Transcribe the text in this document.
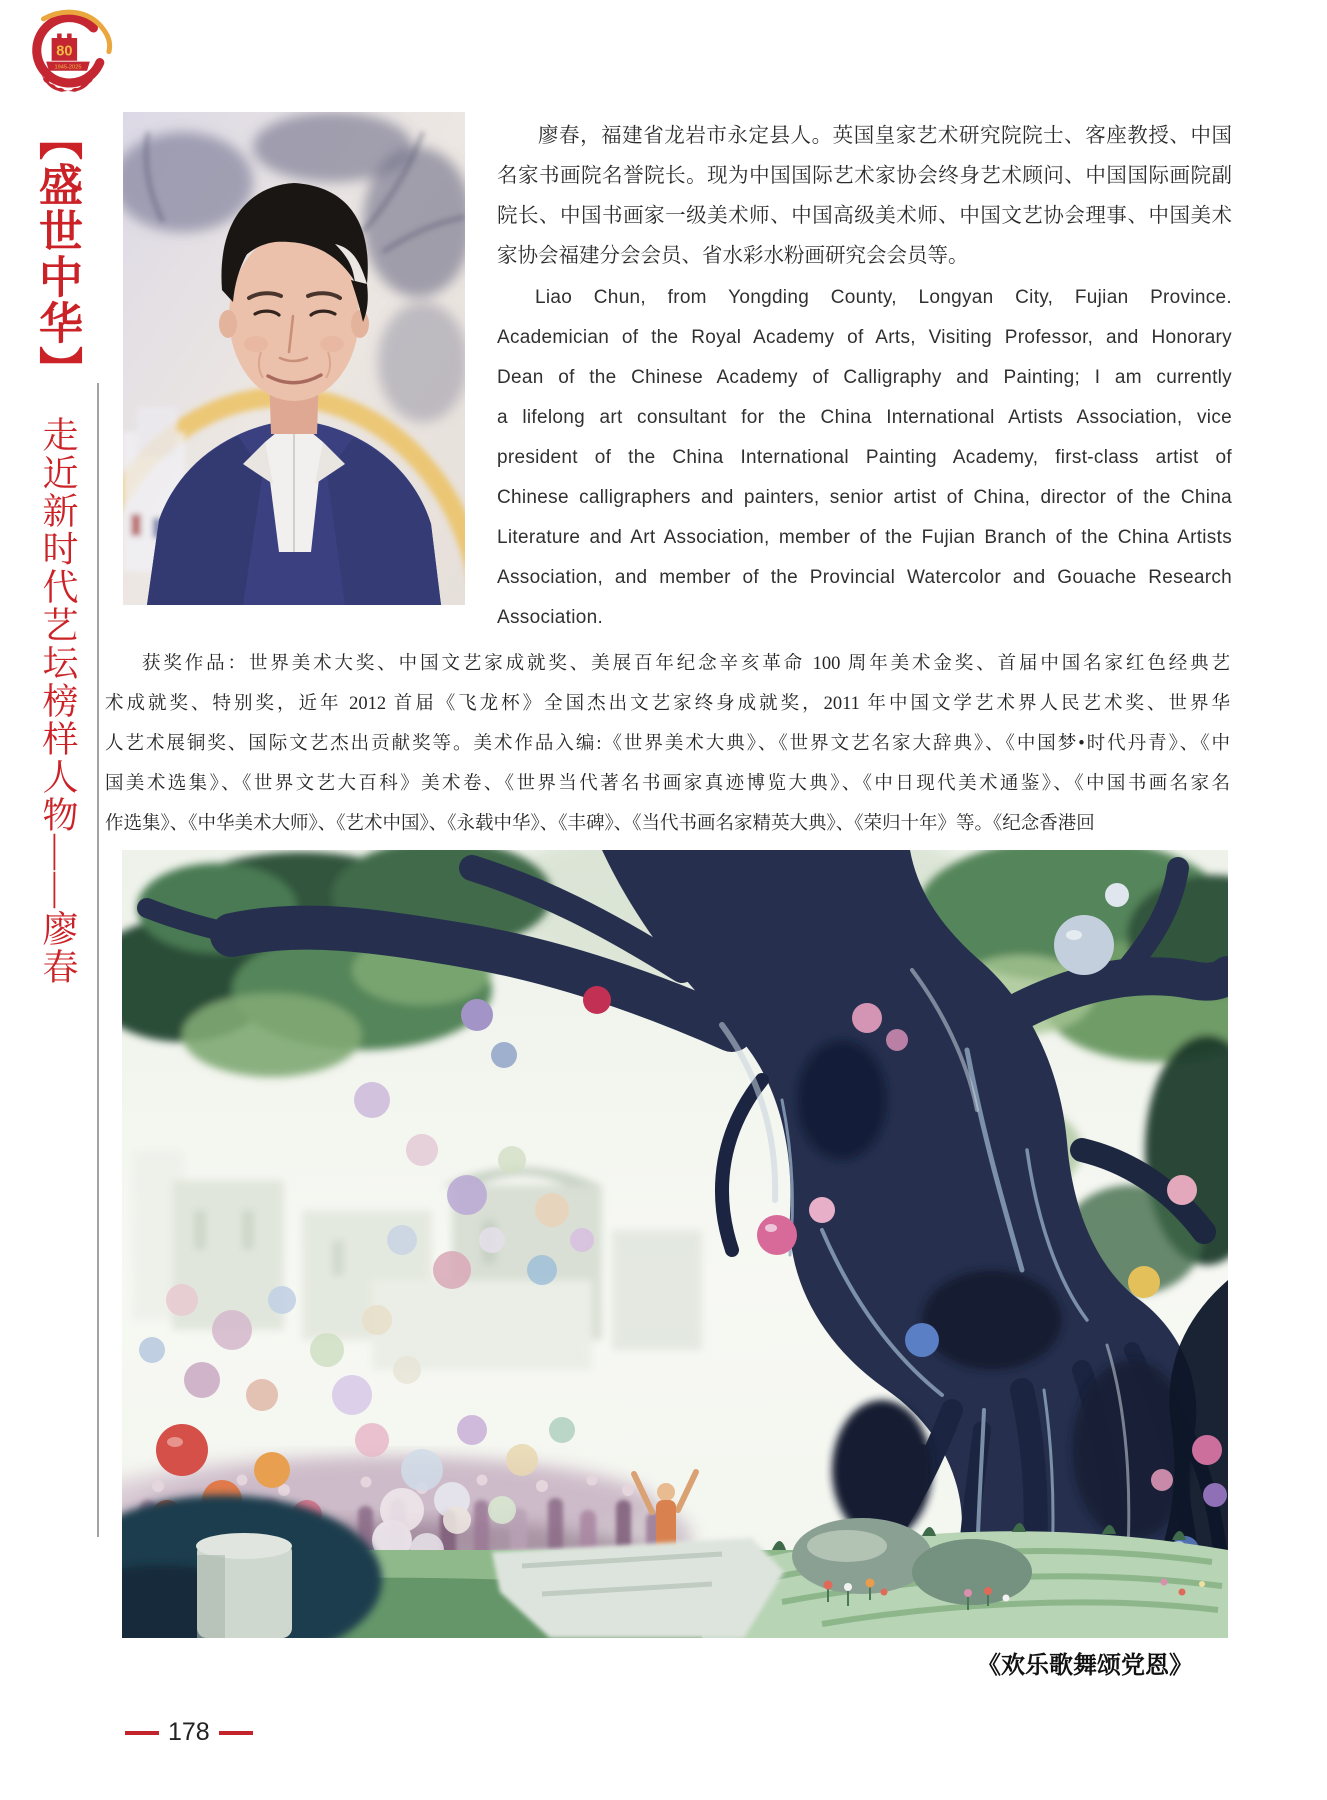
80
1945-2025
【盛世中华】
走近新时代艺坛榜样人物——廖春
廖春，福建省龙岩市永定县人。英国皇家艺术研究院院士、客座教授、中国
名家书画院名誉院长。现为中国国际艺术家协会终身艺术顾问、中国国际画院副
院长、中国书画家一级美术师、中国高级美术师、中国文艺协会理事、中国美术
家协会福建分会会员、省水彩水粉画研究会会员等。
Liao Chun, from Yongding County, Longyan City, Fujian Province.
Academician of the Royal Academy of Arts, Visiting Professor, and Honorary
Dean of the Chinese Academy of Calligraphy and Painting; I am currently
a lifelong art consultant for the China International Artists Association, vice
president of the China International Painting Academy, first-class artist of
Chinese calligraphers and painters, senior artist of China, director of the China
Literature and Art Association, member of the Fujian Branch of the China Artists
Association, and member of the Provincial Watercolor and Gouache Research
Association.
获奖作品：世界美术大奖、中国文艺家成就奖、美展百年纪念辛亥革命 100 周年美术金奖、首届中国名家红色经典艺
术成就奖、特别奖，近年 2012 首届《飞龙杯》全国杰出文艺家终身成就奖，2011 年中国文学艺术界人民艺术奖、世界华
人艺术展铜奖、国际文艺杰出贡献奖等。美术作品入编:《世界美术大典》、《世界文艺名家大辞典》、《中国梦•时代丹青》、《中
国美术选集》、《世界文艺大百科》美术卷、《世界当代著名书画家真迹博览大典》、《中日现代美术通鉴》、《中国书画名家名
作选集》、《中华美术大师》、《艺术中国》、《永载中华》、《丰碑》、《当代书画名家精英大典》、《荣归十年》等。《纪念香港回
《欢乐歌舞颂党恩》
178
